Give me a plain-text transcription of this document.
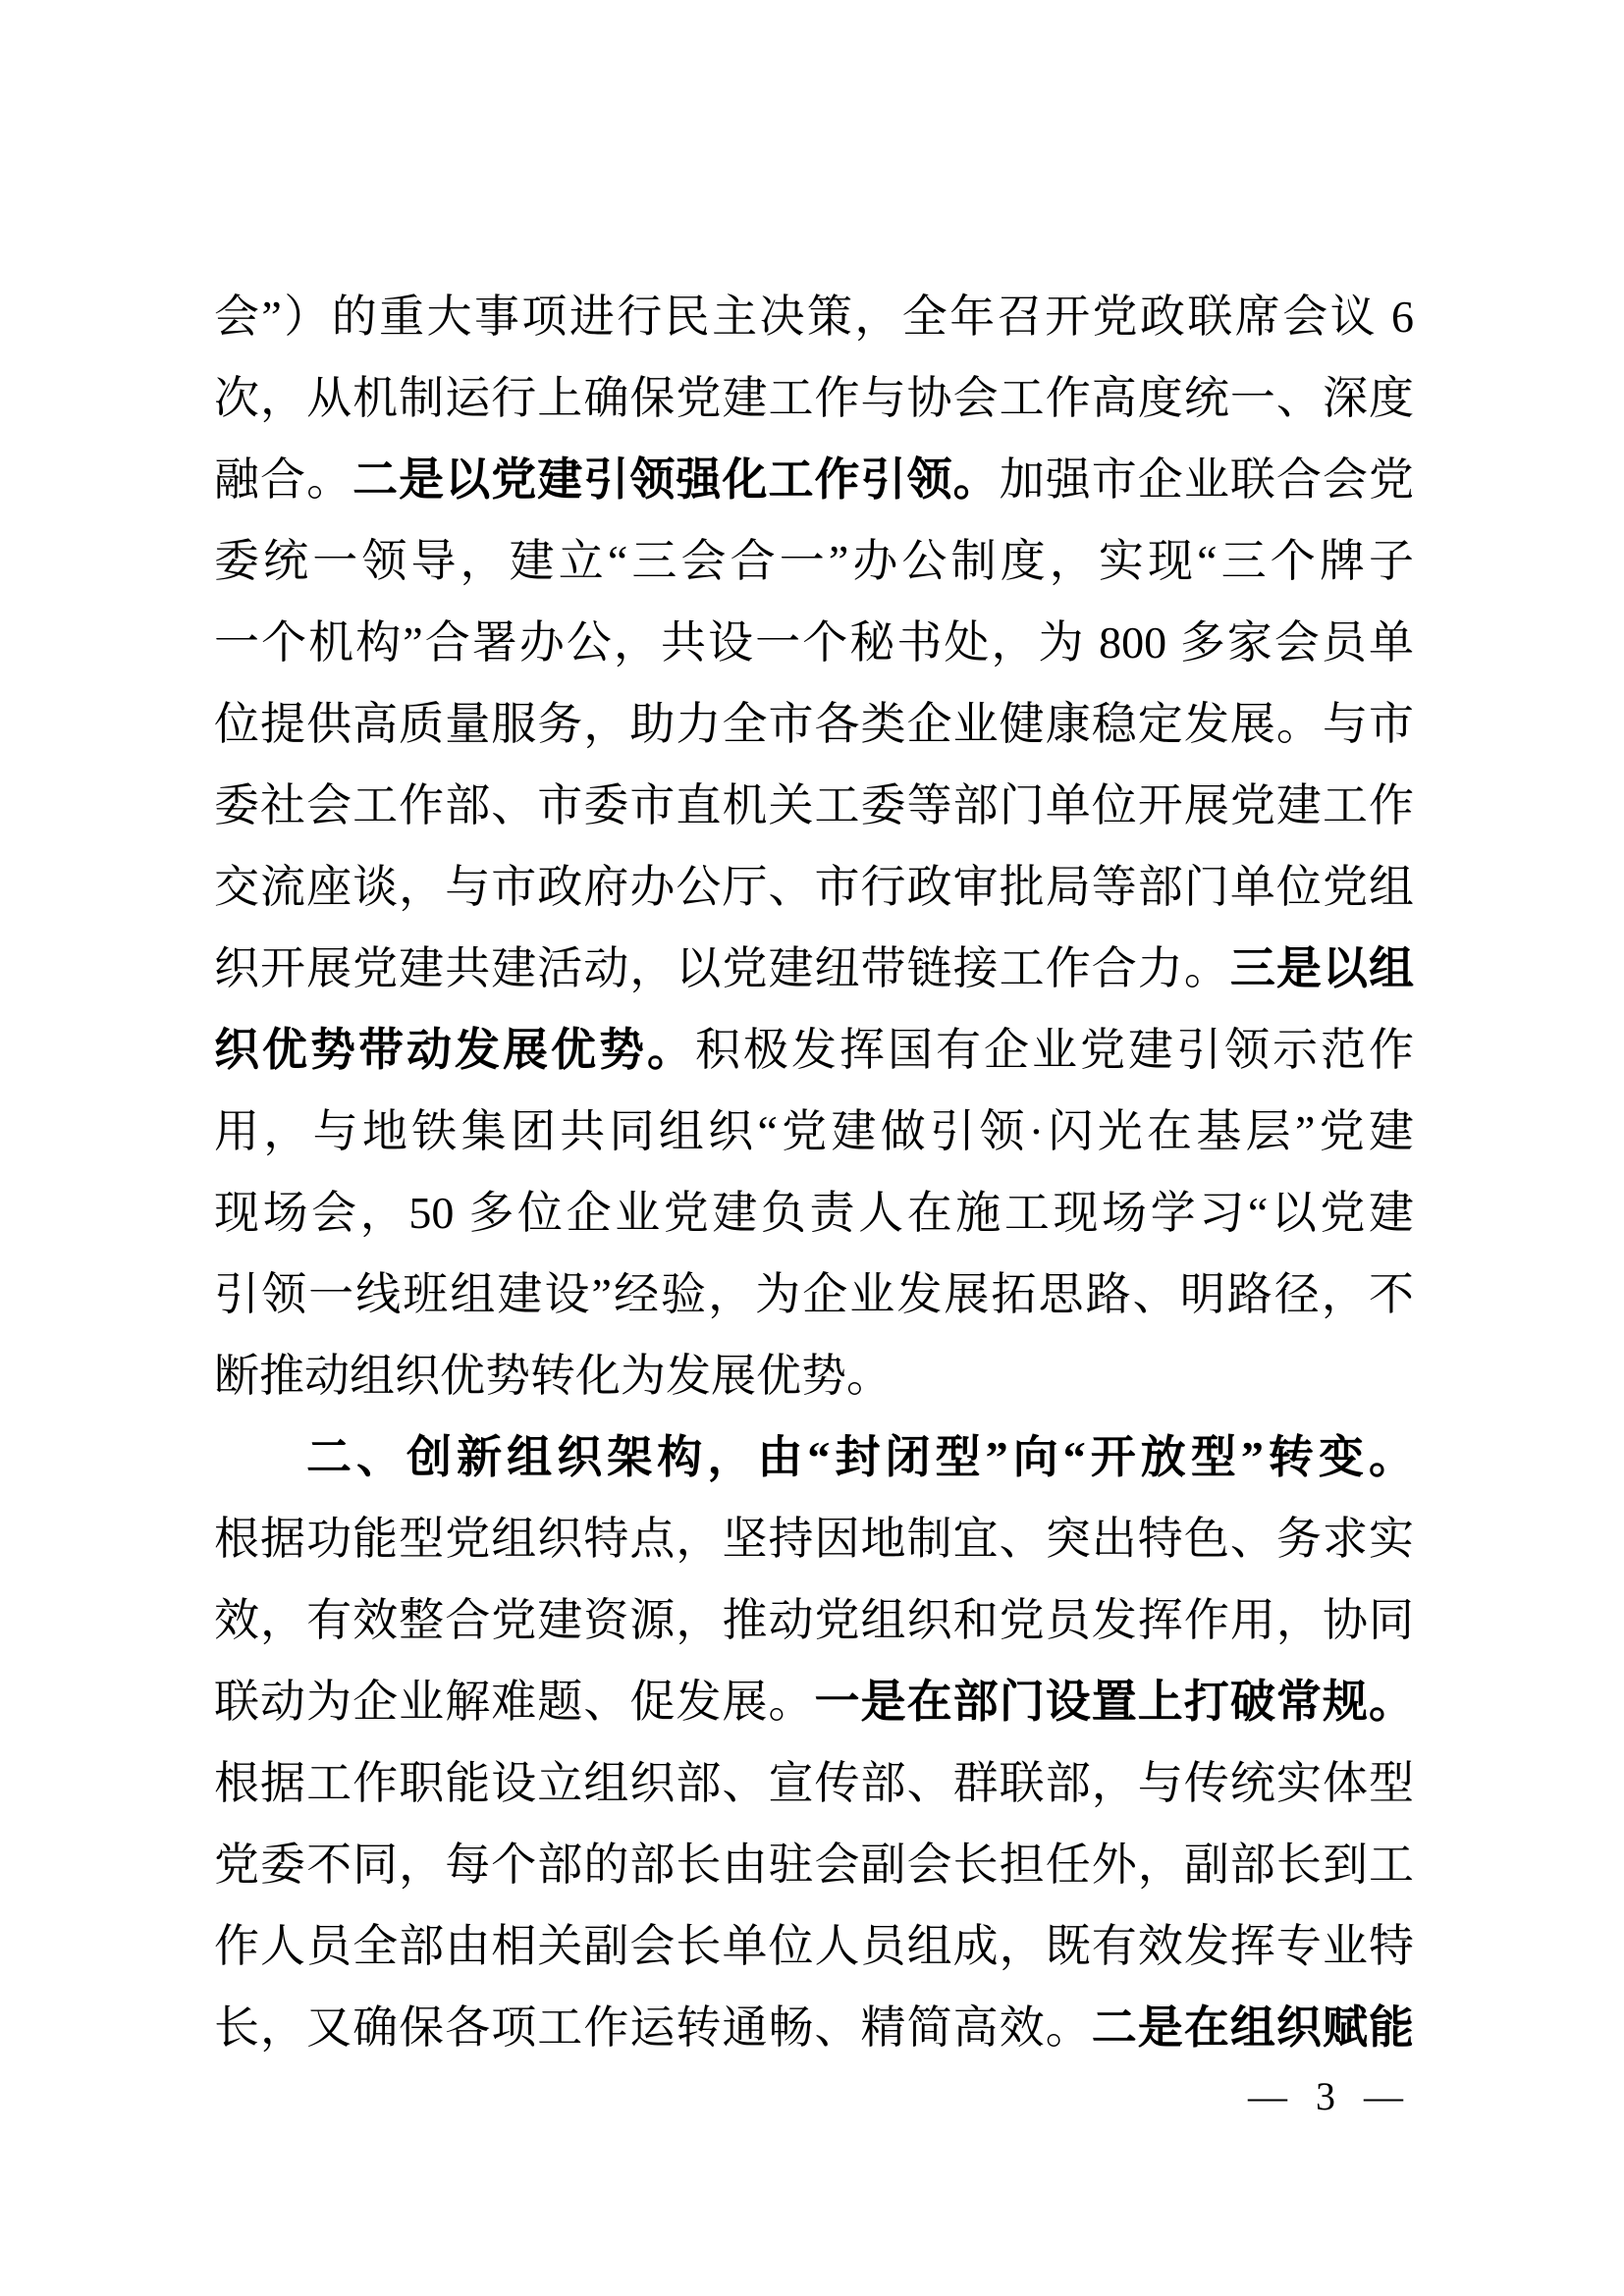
会”）的重大事项进行民主决策，全年召开党政联席会议 6
次，从机制运行上确保党建工作与协会工作高度统一、深度
融合。二是以党建引领强化工作引领。加强市企业联合会党
委统一领导，建立“三会合一”办公制度，实现“三个牌子
一个机构”合署办公，共设一个秘书处，为 800 多家会员单
位提供高质量服务，助力全市各类企业健康稳定发展。与市
委社会工作部、市委市直机关工委等部门单位开展党建工作
交流座谈，与市政府办公厅、市行政审批局等部门单位党组
织开展党建共建活动，以党建纽带链接工作合力。三是以组
织优势带动发展优势。积极发挥国有企业党建引领示范作
用，与地铁集团共同组织“党建做引领·闪光在基层”党建
现场会，50 多位企业党建负责人在施工现场学习“以党建
引领一线班组建设”经验，为企业发展拓思路、明路径，不
断推动组织优势转化为发展优势。
二、创新组织架构，由“封闭型”向“开放型”转变。
根据功能型党组织特点，坚持因地制宜、突出特色、务求实
效，有效整合党建资源，推动党组织和党员发挥作用，协同
联动为企业解难题、促发展。一是在部门设置上打破常规。
根据工作职能设立组织部、宣传部、群联部，与传统实体型
党委不同，每个部的部长由驻会副会长担任外，副部长到工
作人员全部由相关副会长单位人员组成，既有效发挥专业特
长，又确保各项工作运转通畅、精简高效。二是在组织赋能
— 3 —
